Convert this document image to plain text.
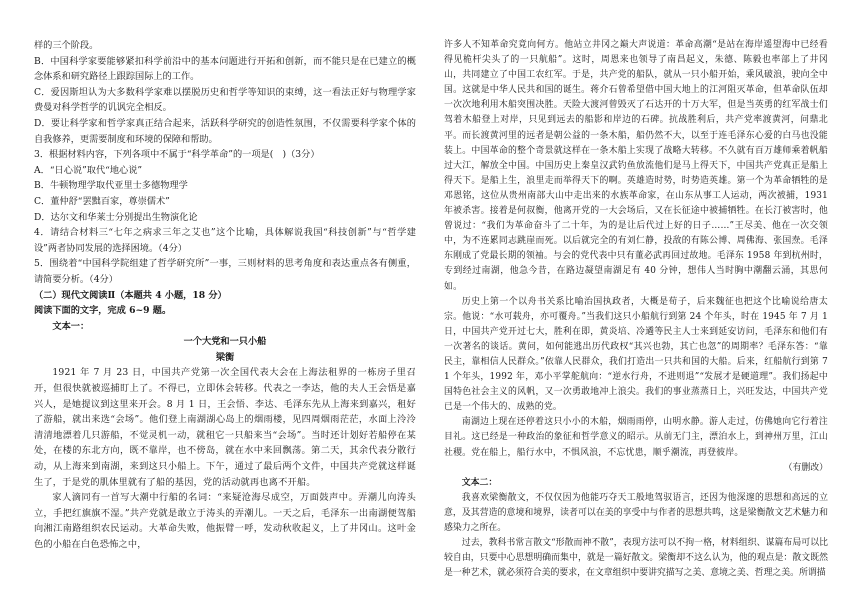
样的三个阶段。

B．中国科学家要能够紧扣科学前沿中的基本问题进行开拓和创新，而不能只是在已建立的概念体系和研究路径上跟踪国际上的工作。

C．爱因斯坦认为大多数科学家难以摆脱历史和哲学等知识的束缚，这一看法正好与物理学家费曼对科学哲学的讥讽完全相反。

D．要让科学家和哲学家真正结合起来，活跃科学研究的创造性氛围，不仅需要科学家个体的自我修养，更需要制度和环境的保障和帮助。

3．根据材料内容，下列各项中不属于“科学革命”的一项是(　)（3分）

A．“日心说”取代“地心说”

B．牛顿物理学取代亚里士多德物理学

C．董仲舒“罢黜百家，尊崇儒术”

D．达尔文和华莱士分别提出生物演化论

4．请结合材料三“七年之病求三年之艾也”这个比喻，具体解说我国“科技创新”与“哲学建设”两者协同发展的选择困境。（4分）

5．围绕着“中国科学院组建了哲学研究所”一事，三则材料的思考角度和表达重点各有侧重，请简要分析。（4分）

（二）现代文阅读Ⅱ（本题共 4 小题，18 分）

阅读下面的文字，完成 6~9 题。

文本一：

一个大党和一只小船

梁衡

1921 年 7 月 23 日，中国共产党第一次全国代表大会在上海法租界的一栋房子里召开，但很快就被巡捕盯上了。不得已，立即休会转移。代表之一李达，他的夫人王会悟是嘉兴人，是她提议到这里来开会。8 月 1 日，王会悟、李达、毛泽东先从上海来到嘉兴，租好了游船，就出来选“会场”。他们登上南湖湖心岛上的烟雨楼，见四周烟雨茫茫，水面上泠泠清清地漂着几只游船，不觉灵机一动，就租它一只船来当“会场”。当时还计划好若船停在某处，在楼的东北方向，既不靠岸，也不傍岛，就在水中来回飘荡。第二天，其余代表分散行动，从上海来到南湖，来到这只小船上。下午，通过了最后两个文件，中国共产党就这样诞生了，于是党的肌体里就有了船的基因，党的活动就再也离不开船。

家人滴同有一首写大潮中行船的名词：“来疑沧海尽成空，万面鼓声中。弄潮儿向涛头立，手把红旗旗不湿。”共产党就是敢立于涛头的弄潮儿。一天之后，毛泽东一出南湖便驾船向湘江南路组织农民运动。大革命失败，他振臂一呼，发动秋收起义，上了井冈山。这叶金色的小船在白色恐怖之中，

许多人不知革命究竟向何方。他站立井冈之巅大声说道：革命高潮“是站在海岸遥望海中已经看得见桅杆尖头了的一只航船”。这时，周恩来也领导了南昌起义，朱德、陈毅也率部上了井冈山，共同建立了中国工农红军。于是，共产党的船队，就从一只小船开始，乘风破浪，驶向全中国。这就是中华人民共和国的诞生。蒋介石曾希望借中国大地上的江河阻灭革命，但革命队伍却一次次地利用木船突围决胜。天险大渡河曾毁灭了石达开的十万大军，但是当英勇的红军战士们驾着木船登上对岸，只见到远去的船影和岸边的石碑。抗战胜利后，共产党率渡黄河，问鼎北平。而长渡黄河里的远者是朝公益的一条木船，船仍然不大，以至于连毛泽东心爱的白马也没能装上。中国革命的整个奇景就这样在一条木船上实现了战略大转移。不久就有百万雄师乘着帆船过大江，解放全中国。中国历史上秦皇汉武钓鱼放流他们是马上得天下，中国共产党真正是船上得天下。是船上生，浪里走而举得天下的啊。英雄造时势，时势造英雄。第一个为革命牺牲的是邓恩铭，这位从贵州南部大山中走出来的水族革命家，在山东从事工人运动，两次被捕，1931 年被杀害。接着是何叔衡，他离开党的一大会场后，又在长征途中被捕牺牲。在长汀被害时，他曾说过：“我们为革命奋斗了二十年，为的是让后代过上好的日子……”王尽美、他在一次交领中，为不连累同志跳崖而死。以后就完全的有刘仁静，投敌的有陈公博、周佛海、张国焘。毛泽东刚成了党最长期的领袖。与会的党代表中只有董必武再回过故地。毛泽东 1958 年到杭州时，专到经过南湖，他急今昔，在路边凝望南湖足有 40 分钟，想伟人当时胸中潮翻云涌，其思何如。

历史上第一个以舟书关系比喻治国执政者，大概是荀子，后来魏征也把这个比喻说给唐太宗。他说：“水可载舟，亦可覆舟。”当我们这只小船航行到第 24 个年头，时在 1945 年 7 月 1 日，中国共产党开过七大，胜利在即，黄炎培、冷遹等民主人士来到延安访问，毛泽东和他们有一次著名的谈话。黄问，如何能逃出历代政权“其兴也勃，其亡也忽”的周期率？毛泽东答：“靠民主，靠相信人民群众。”依靠人民群众，我们打造出一只共和国的大船。后来，红船航行到第 71 个年头，1992 年，邓小平掌舵航向：“逆水行舟，不进则退”“发展才是硬道理”。我们扬起中国特色社会主义的风帆，又一次勇敢地冲上浪尖。我们的事业蒸蒸日上，兴旺发达，中国共产党已是一个伟大的、成熟的党。

南湖边上现在还停着这只小小的木船，烟雨雨停，山明水静。游人走过，仿佛她向它行着注目礼。这已经是一种政治的象征和哲学意义的昭示。从前无门主，漂泊水上，到神州万里，江山社稷。党在船上，船行水中，不惧风浪，不忘忧患，顺乎潮流，再登彼岸。

（有删改）

文本二：

我喜欢梁衡散文，不仅仅因为他能巧夺天工般地驾驭语言，还因为他深邃的思想和高远的立意，及其营造的意境和境界，读者可以在美的享受中与作者的思想共鸣，这是梁衡散文艺术魅力和感染力之所在。

过去，教科书常言散文“形散而神不散”，表现方法可以不拘一格，材料组织、谋篇布局可以比较自由，只要中心思想明确而集中，就是一篇好散文。梁衡却不这么认为，他的观点是：散文既然是一种艺术，就必须符合美的要求，在文章组织中要讲究描写之美、意境之美、哲理之美。所谓描
